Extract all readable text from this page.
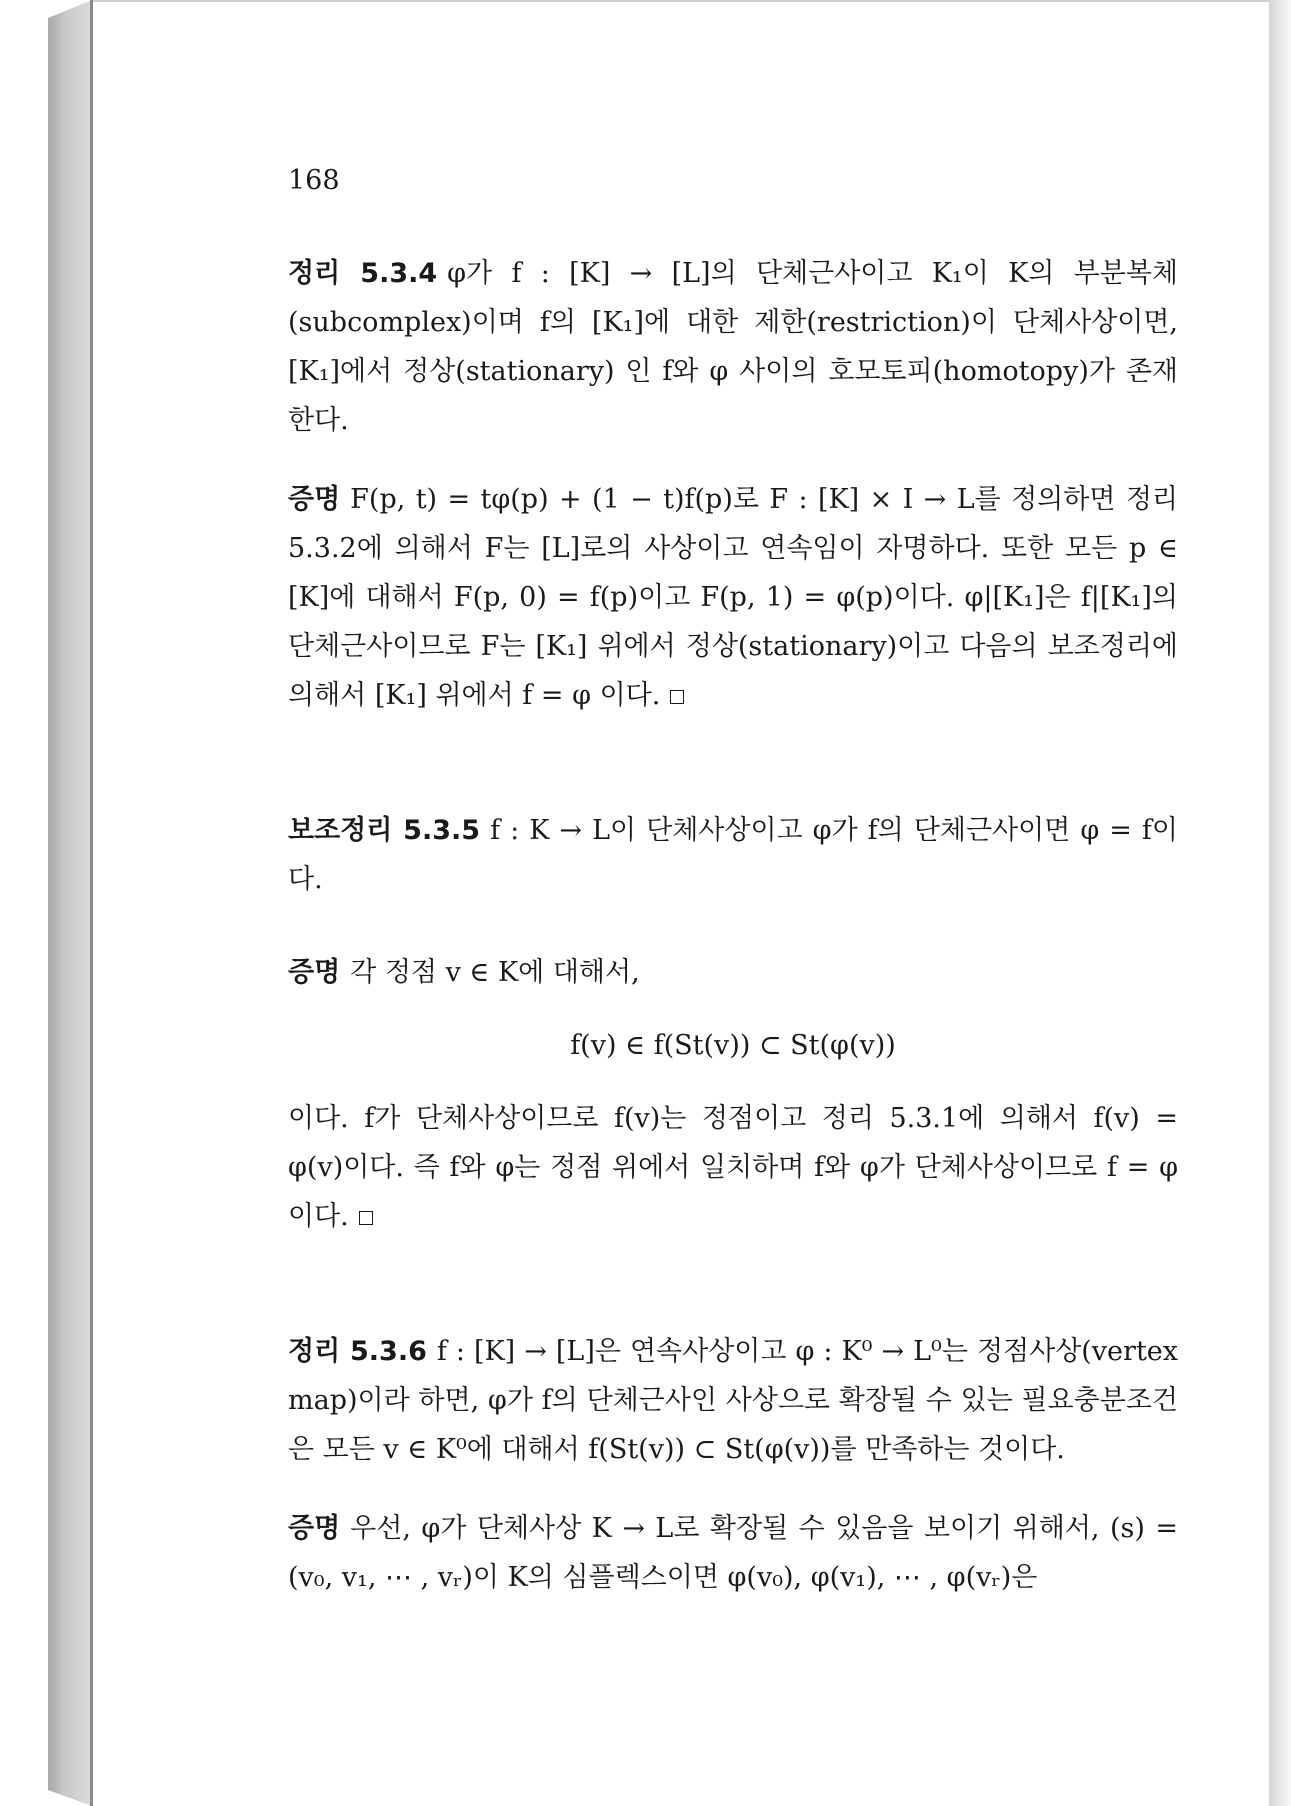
168

정리 5.3.4 φ가 f : [K] → [L]의 단체근사이고 K₁이 K의 부분복체(subcomplex)이며 f의 [K₁]에 대한 제한(restriction)이 단체사상이면, [K₁]에서 정상(stationary) 인 f와 φ 사이의 호모토피(homotopy)가 존재한다.

증명 F(p, t) = tφ(p) + (1 − t)f(p)로 F : [K] × I → L를 정의하면 정리 5.3.2에 의해서 F는 [L]로의 사상이고 연속임이 자명하다. 또한 모든 p ∈ [K]에 대해서 F(p, 0) = f(p)이고 F(p, 1) = φ(p)이다. φ|[K₁]은 f|[K₁]의 단체근사이므로 F는 [K₁] 위에서 정상(stationary)이고 다음의 보조정리에 의해서 [K₁] 위에서 f = φ 이다.

보조정리 5.3.5 f : K → L이 단체사상이고 φ가 f의 단체근사이면 φ = f이다.

증명 각 정점 v ∈ K에 대해서,

f(v) ∈ f(St(v)) ⊂ St(φ(v))

이다. f가 단체사상이므로 f(v)는 정점이고 정리 5.3.1에 의해서 f(v) = φ(v)이다. 즉 f와 φ는 정점 위에서 일치하며 f와 φ가 단체사상이므로 f = φ이다.

정리 5.3.6 f : [K] → [L]은 연속사상이고 φ : K⁰ → L⁰는 정점사상(vertex map)이라 하면, φ가 f의 단체근사인 사상으로 확장될 수 있는 필요충분조건은 모든 v ∈ K⁰에 대해서 f(St(v)) ⊂ St(φ(v))를 만족하는 것이다.

증명 우선, φ가 단체사상 K → L로 확장될 수 있음을 보이기 위해서, (s) = (v₀, v₁, ⋯ , vᵣ)이 K의 심플렉스이면 φ(v₀), φ(v₁), ⋯ , φ(vᵣ)은
